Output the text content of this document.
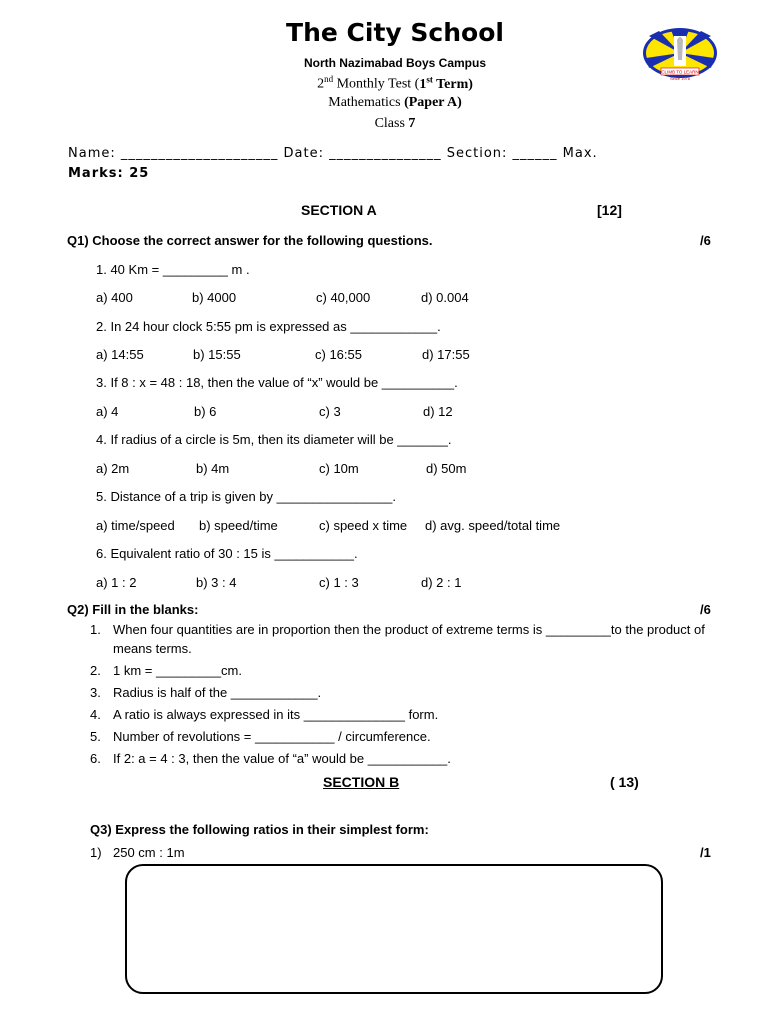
The City School
North Nazimabad Boys Campus
2nd Monthly Test (1st Term)
Mathematics (Paper A)
Class 7
CLIMB TO LEARN
Since 1978
Name: _____________________ Date: _______________ Section: ______ Max.
Marks: 25
SECTION A	[12]
Q1) Choose the correct answer for the following questions.	/6
1. 40 Km = _________ m .
a) 400	b) 4000	c) 40,000	d) 0.004
2. In 24 hour clock 5:55 pm is expressed as ____________.
a) 14:55	b) 15:55	c) 16:55	d) 17:55
3. If 8 : x = 48 : 18, then the value of “x” would be __________.
a) 4	b) 6	c) 3	d) 12
4. If radius of a circle is 5m, then its diameter will be _______.
a) 2m	b) 4m	c) 10m	d) 50m
5. Distance of a trip is given by ________________.
a) time/speed b) speed/time	c) speed x time d) avg. speed/total time
6. Equivalent ratio of 30 : 15 is ___________.
a) 1 : 2	b) 3 : 4	c) 1 : 3	d) 2 : 1
Q2) Fill in the blanks:	/6
1. When four quantities are in proportion then the product of extreme terms is _________to the product of means terms.
2. 1 km = _________cm.
3. Radius is half of the ____________.
4. A ratio is always expressed in its ______________ form.
5. Number of revolutions = ___________ / circumference.
6. If 2: a = 4 : 3, then the value of “a” would be ___________.
SECTION B	( 13)
Q3) Express the following ratios in their simplest form:
1) 250 cm : 1m	/1
